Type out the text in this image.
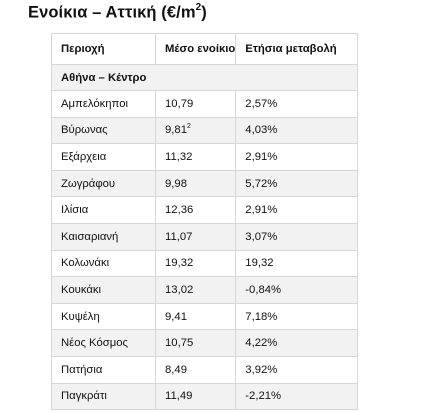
Ενοίκια – Αττική $(€/m^2)$
Περιοχή	Μέσο ενοίκιο	Ετήσια μεταβολή
Αθήνα – Κέντρο		
Αμπελόκηποι	10,79	2,57%
Βύρωνας	9,81$^2$	4,03%
Εξάρχεια	11,32	2,91%
Ζωγράφου	9,98	5,72%
Ιλίσια	12,36	2,91%
Καισαριανή	11,07	3,07%
Κολωνάκι	19,32	19,32
Κουκάκι	13,02	-0,84%
Κυψέλη	9,41	7,18%
Νέος Κόσμος	10,75	4,22%
Πατήσια	8,49	3,92%
Παγκράτι	11,49	-2,21%
